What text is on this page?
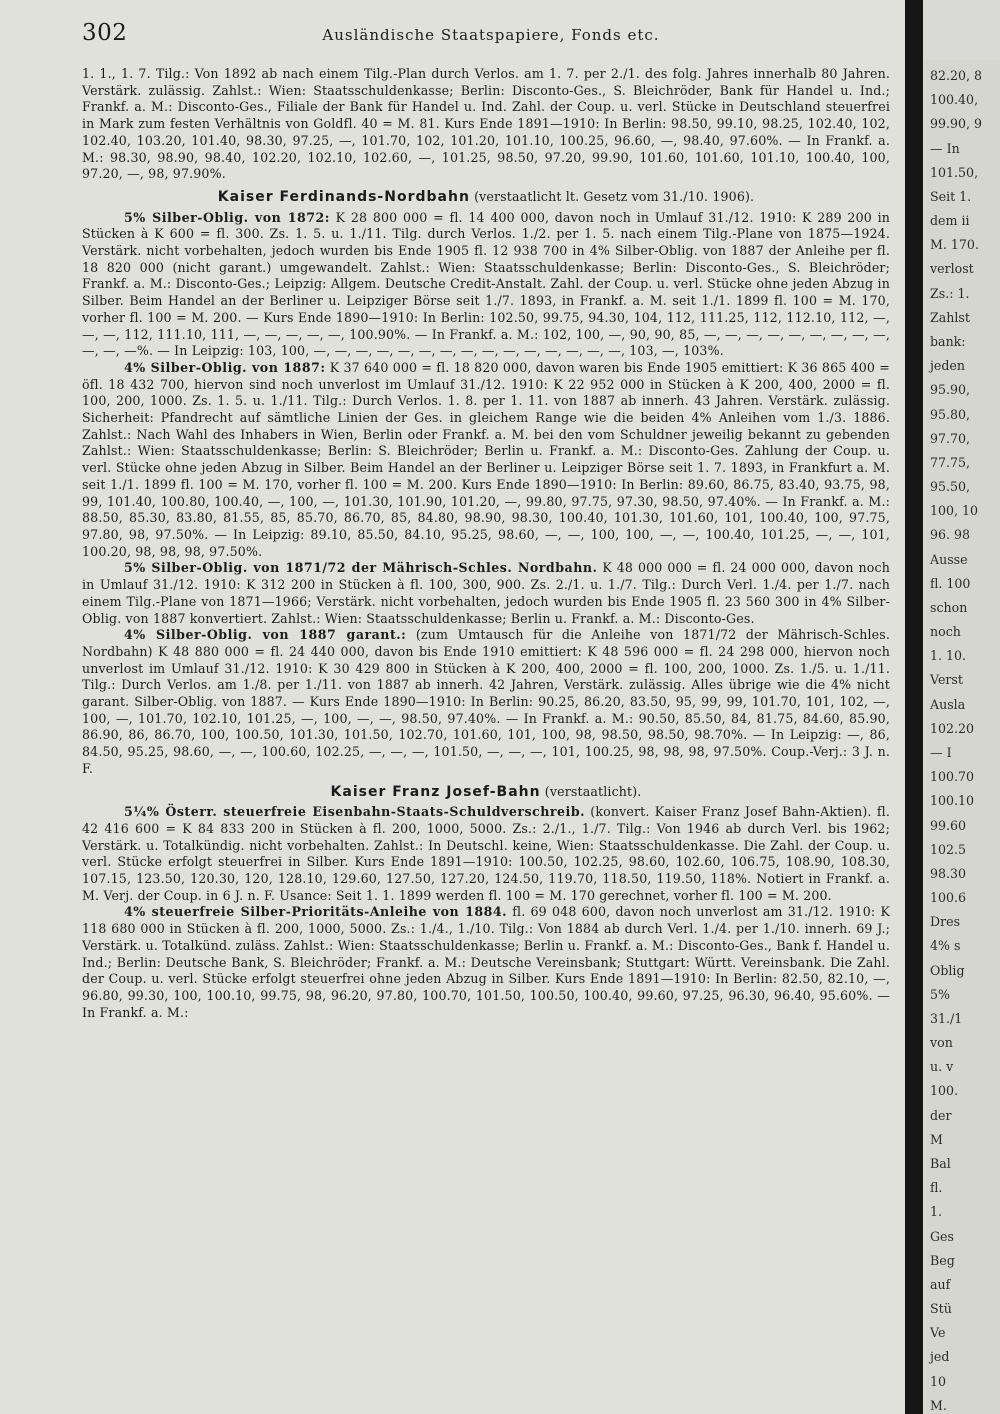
302	Ausländische Staatspapiere, Fonds etc.

1. 1., 1. 7. Tilg.: Von 1892 ab nach einem Tilg.-Plan durch Verlos. am 1. 7. per 2./1. des folg. Jahres innerhalb 80 Jahren. Verstärk. zulässig. Zahlst.: Wien: Staatsschuldenkasse; Berlin: Disconto-Ges., S. Bleichröder, Bank für Handel u. Ind.; Frankf. a. M.: Disconto-Ges., Filiale der Bank für Handel u. Ind. Zahl. der Coup. u. verl. Stücke in Deutschland steuerfrei in Mark zum festen Verhältnis von Goldfl. 40 = M. 81. Kurs Ende 1891—1910: In Berlin: 98.50, 99.10, 98.25, 102.40, 102, 102.40, 103.20, 101.40, 98.30, 97.25, —, 101.70, 102, 101.20, 101.10, 100.25, 96.60, —, 98.40, 97.60%. — In Frankf. a. M.: 98.30, 98.90, 98.40, 102.20, 102.10, 102.60, —, 101.25, 98.50, 97.20, 99.90, 101.60, 101.60, 101.10, 100.40, 100, 97.20, —, 98, 97.90%.

Kaiser Ferdinands-Nordbahn (verstaatlicht lt. Gesetz vom 31./10. 1906).

5% Silber-Oblig. von 1872: K 28 800 000 = fl. 14 400 000, davon noch in Umlauf 31./12. 1910: K 289 200 in Stücken à K 600 = fl. 300. Zs. 1. 5. u. 1./11. Tilg. durch Verlos. 1./2. per 1. 5. nach einem Tilg.-Plane von 1875—1924. Verstärk. nicht vorbehalten, jedoch wurden bis Ende 1905 fl. 12 938 700 in 4% Silber-Oblig. von 1887 der Anleihe per fl. 18 820 000 (nicht garant.) umgewandelt. Zahlst.: Wien: Staatsschuldenkasse; Berlin: Disconto-Ges., S. Bleichröder; Frankf. a. M.: Disconto-Ges.; Leipzig: Allgem. Deutsche Credit-Anstalt. Zahl. der Coup. u. verl. Stücke ohne jeden Abzug in Silber. Beim Handel an der Berliner u. Leipziger Börse seit 1./7. 1893, in Frankf. a. M. seit 1./1. 1899 fl. 100 = M. 170, vorher fl. 100 = M. 200. — Kurs Ende 1890—1910: In Berlin: 102.50, 99.75, 94.30, 104, 112, 111.25, 112, 112.10, 112, —, —, —, 112, 111.10, 111, —, —, —, —, —, 100.90%. — In Frankf. a. M.: 102, 100, —, 90, 90, 85, —, —, —, —, —, —, —, —, —, —, —, —%. — In Leipzig: 103, 100, —, —, —, —, —, —, —, —, —, —, —, —, —, —, —, 103, —, 103%.

4% Silber-Oblig. von 1887: K 37 640 000 = fl. 18 820 000, davon waren bis Ende 1905 emittiert: K 36 865 400 = öfl. 18 432 700, hiervon sind noch unverlost im Umlauf 31./12. 1910: K 22 952 000 in Stücken à K 200, 400, 2000 = fl. 100, 200, 1000. Zs. 1. 5. u. 1./11. Tilg.: Durch Verlos. 1. 8. per 1. 11. von 1887 ab innerh. 43 Jahren. Verstärk. zulässig. Sicherheit: Pfandrecht auf sämtliche Linien der Ges. in gleichem Range wie die beiden 4% Anleihen vom 1./3. 1886. Zahlst.: Nach Wahl des Inhabers in Wien, Berlin oder Frankf. a. M. bei den vom Schuldner jeweilig bekannt zu gebenden Zahlst.: Wien: Staatsschuldenkasse; Berlin: S. Bleichröder; Berlin u. Frankf. a. M.: Disconto-Ges. Zahlung der Coup. u. verl. Stücke ohne jeden Abzug in Silber. Beim Handel an der Berliner u. Leipziger Börse seit 1. 7. 1893, in Frankfurt a. M. seit 1./1. 1899 fl. 100 = M. 170, vorher fl. 100 = M. 200. Kurs Ende 1890—1910: In Berlin: 89.60, 86.75, 83.40, 93.75, 98, 99, 101.40, 100.80, 100.40, —, 100, —, 101.30, 101.90, 101.20, —, 99.80, 97.75, 97.30, 98.50, 97.40%. — In Frankf. a. M.: 88.50, 85.30, 83.80, 81.55, 85, 85.70, 86.70, 85, 84.80, 98.90, 98.30, 100.40, 101.30, 101.60, 101, 100.40, 100, 97.75, 97.80, 98, 97.50%. — In Leipzig: 89.10, 85.50, 84.10, 95.25, 98.60, —, —, 100, 100, —, —, 100.40, 101.25, —, —, 101, 100.20, 98, 98, 98, 97.50%.

5% Silber-Oblig. von 1871/72 der Mährisch-Schles. Nordbahn. K 48 000 000 = fl. 24 000 000, davon noch in Umlauf 31./12. 1910: K 312 200 in Stücken à fl. 100, 300, 900. Zs. 2./1. u. 1./7. Tilg.: Durch Verl. 1./4. per 1./7. nach einem Tilg.-Plane von 1871—1966; Verstärk. nicht vorbehalten, jedoch wurden bis Ende 1905 fl. 23 560 300 in 4% Silber-Oblig. von 1887 konvertiert. Zahlst.: Wien: Staatsschuldenkasse; Berlin u. Frankf. a. M.: Disconto-Ges.

4% Silber-Oblig. von 1887 garant.: (zum Umtausch für die Anleihe von 1871/72 der Mährisch-Schles. Nordbahn) K 48 880 000 = fl. 24 440 000, davon bis Ende 1910 emittiert: K 48 596 000 = fl. 24 298 000, hiervon noch unverlost im Umlauf 31./12. 1910: K 30 429 800 in Stücken à K 200, 400, 2000 = fl. 100, 200, 1000. Zs. 1./5. u. 1./11. Tilg.: Durch Verlos. am 1./8. per 1./11. von 1887 ab innerh. 42 Jahren, Verstärk. zulässig. Alles übrige wie die 4% nicht garant. Silber-Oblig. von 1887. — Kurs Ende 1890—1910: In Berlin: 90.25, 86.20, 83.50, 95, 99, 99, 101.70, 101, 102, —, 100, —, 101.70, 102.10, 101.25, —, 100, —, —, 98.50, 97.40%. — In Frankf. a. M.: 90.50, 85.50, 84, 81.75, 84.60, 85.90, 86.90, 86, 86.70, 100, 100.50, 101.30, 101.50, 102.70, 101.60, 101, 100, 98, 98.50, 98.50, 98.70%. — In Leipzig: —, 86, 84.50, 95.25, 98.60, —, —, 100.60, 102.25, —, —, —, 101.50, —, —, —, 101, 100.25, 98, 98, 98, 97.50%. Coup.-Verj.: 3 J. n. F.

Kaiser Franz Josef-Bahn (verstaatlicht).

5¼% Österr. steuerfreie Eisenbahn-Staats-Schuldverschreib. (konvert. Kaiser Franz Josef Bahn-Aktien). fl. 42 416 600 = K 84 833 200 in Stücken à fl. 200, 1000, 5000. Zs.: 2./1., 1./7. Tilg.: Von 1946 ab durch Verl. bis 1962; Verstärk. u. Totalkündig. nicht vorbehalten. Zahlst.: In Deutschl. keine, Wien: Staatsschuldenkasse. Die Zahl. der Coup. u. verl. Stücke erfolgt steuerfrei in Silber. Kurs Ende 1891—1910: 100.50, 102.25, 98.60, 102.60, 106.75, 108.90, 108.30, 107.15, 123.50, 120.30, 120, 128.10, 129.60, 127.50, 127.20, 124.50, 119.70, 118.50, 119.50, 118%. Notiert in Frankf. a. M. Verj. der Coup. in 6 J. n. F. Usance: Seit 1. 1. 1899 werden fl. 100 = M. 170 gerechnet, vorher fl. 100 = M. 200.

4% steuerfreie Silber-Prioritäts-Anleihe von 1884. fl. 69 048 600, davon noch unverlost am 31./12. 1910: K 118 680 000 in Stücken à fl. 200, 1000, 5000. Zs.: 1./4., 1./10. Tilg.: Von 1884 ab durch Verl. 1./4. per 1./10. innerh. 69 J.; Verstärk. u. Totalkünd. zuläss. Zahlst.: Wien: Staatsschuldenkasse; Berlin u. Frankf. a. M.: Disconto-Ges., Bank f. Handel u. Ind.; Berlin: Deutsche Bank, S. Bleichröder; Frankf. a. M.: Deutsche Vereinsbank; Stuttgart: Württ. Vereinsbank. Die Zahl. der Coup. u. verl. Stücke erfolgt steuerfrei ohne jeden Abzug in Silber. Kurs Ende 1891—1910: In Berlin: 82.50, 82.10, —, 96.80, 99.30, 100, 100.10, 99.75, 98, 96.20, 97.80, 100.70, 101.50, 100.50, 100.40, 99.60, 97.25, 96.30, 96.40, 95.60%. — In Frankf. a. M.:

82.20, 8
100.40,
99.90, 9
— In
101.50,
Seit 1.
dem ii
M. 170.
verlost
Zs.: 1.
Zahlst
bank:
jeden
95.90,
95.80,
97.70,
77.75,
95.50,
100, 10
96. 98
Ausse
fl. 100
schon
noch
1. 10.
Verst
Ausla
102.20
— I
100.70
100.10
99.60
102.5
98.30
100.6
Dres
4% s
Oblig
5%
31./1
von
u. v
100.
der
M
Bal
fl.
1.
Ges
Beg
auf
Stü
Ve
jed
10
M.
